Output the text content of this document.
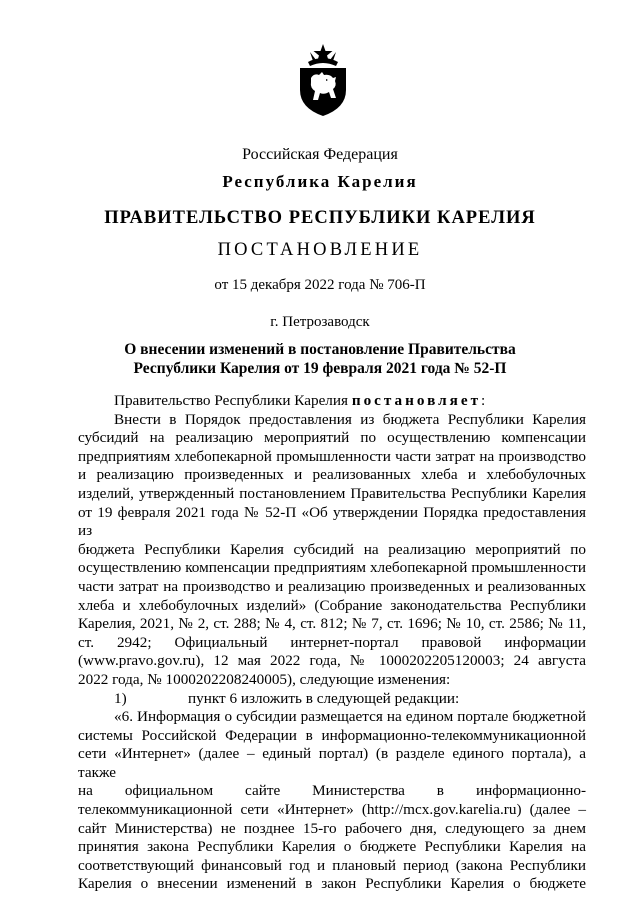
Российская Федерация
Республика Карелия
ПРАВИТЕЛЬСТВО РЕСПУБЛИКИ КАРЕЛИЯ
ПОСТАНОВЛЕНИЕ
от 15 декабря 2022 года № 706-П
г. Петрозаводск
О внесении изменений в постановление Правительства
Республики Карелия от 19 февраля 2021 года № 52-П

Правительство Республики Карелия постановляет:

Внести в Порядок предоставления из бюджета Республики Карелия

субсидий на реализацию мероприятий по осуществлению компенсации

предприятиям хлебопекарной промышленности части затрат на производство

и реализацию произведенных и реализованных хлеба и хлебобулочных

изделий, утвержденный постановлением Правительства Республики Карелия

от 19 февраля 2021 года № 52-П «Об утверждении Порядка предоставления из

бюджета Республики Карелия субсидий на реализацию мероприятий по

осуществлению компенсации предприятиям хлебопекарной промышленности

части затрат на производство и реализацию произведенных и реализованных

хлеба и хлебобулочных изделий» (Собрание законодательства Республики

Карелия, 2021, № 2, ст. 288; № 4, ст. 812; № 7, ст. 1696; № 10, ст. 2586; № 11,

ст. 2942; Официальный интернет-портал правовой информации

(www.pravo.gov.ru), 12 мая 2022 года, № 1000202205120003; 24 августа

2022 года, № 1000202208240005), следующие изменения:

1)	пункт 6 изложить в следующей редакции:

«6. Информация о субсидии размещается на едином портале бюджетной

системы Российской Федерации в информационно-телекоммуникационной

сети «Интернет» (далее – единый портал) (в разделе единого портала), а также

на официальном сайте Министерства в информационно-

телекоммуникационной сети «Интернет» (http://mcx.gov.karelia.ru) (далее –

сайт Министерства) не позднее 15-го рабочего дня, следующего за днем

принятия закона Республики Карелия о бюджете Республики Карелия на

соответствующий финансовый год и плановый период (закона Республики

Карелия о внесении изменений в закон Республики Карелия о бюджете
